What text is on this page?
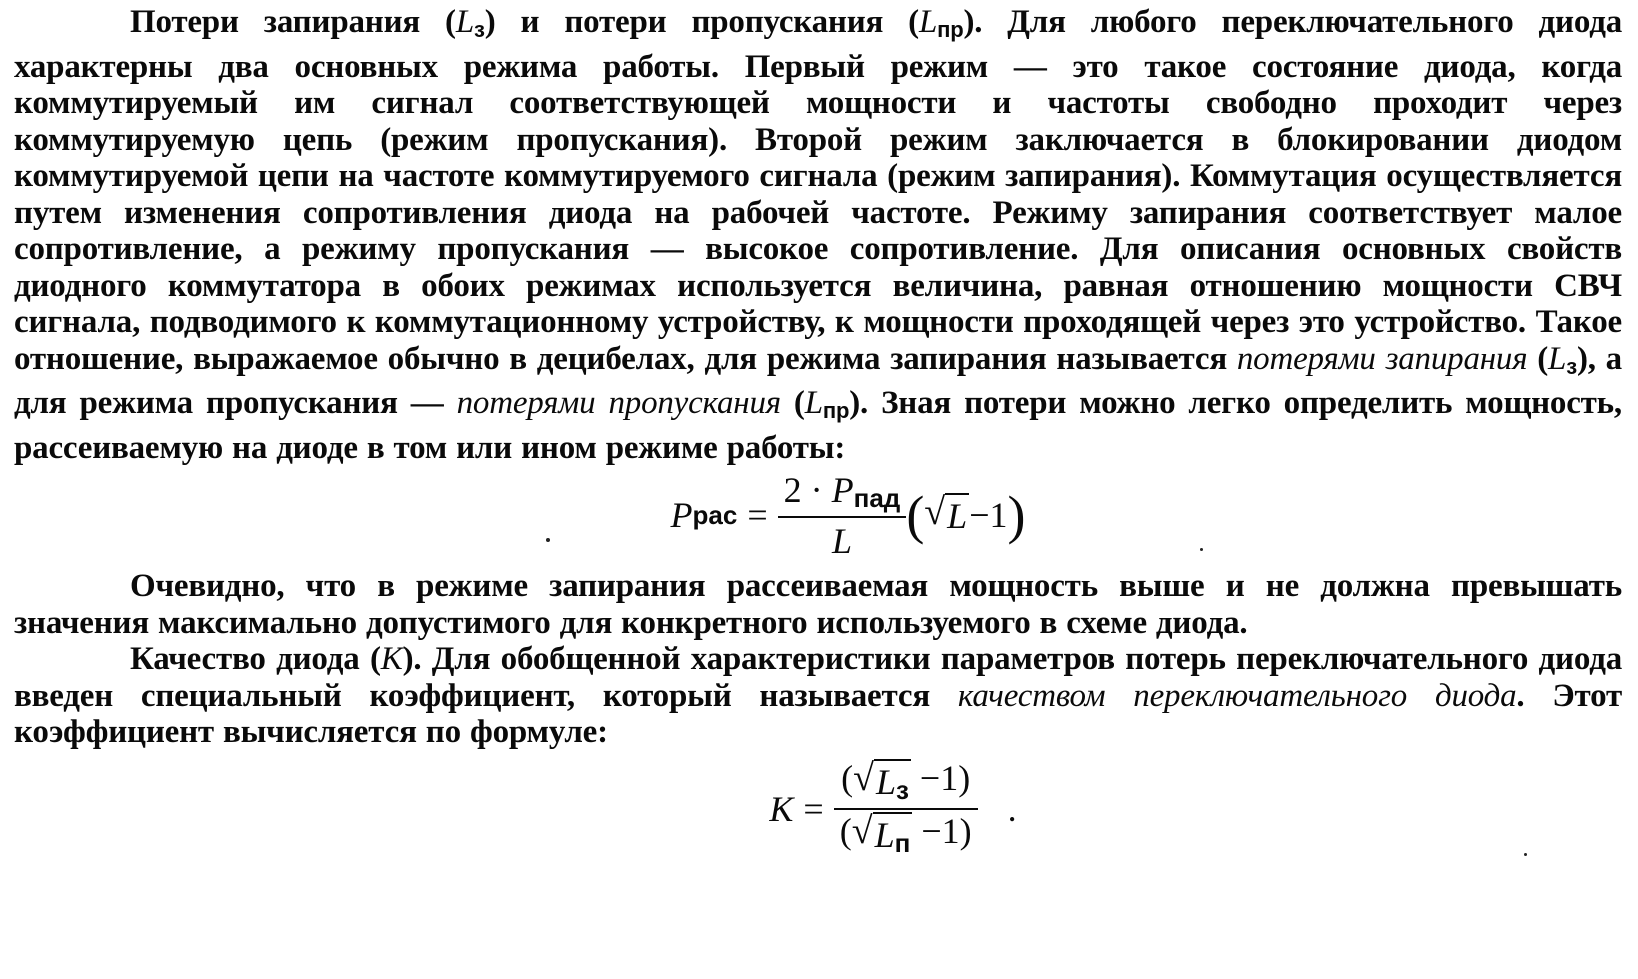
Потери запирания $(L_з)$ и потери пропускания $(L_{пр})$. Для любого переключательного диода характерны два основных режима работы. Первый режим — это такое состояние диода, когда коммутируемый им сигнал соответствующей мощности и частоты свободно проходит через коммутируемую цепь (режим пропускания). Второй режим заключается в блокировании диодом коммутируемой цепи на частоте коммутируемого сигнала (режим запирания). Коммутация осуществляется путем изменения сопротивления диода на рабочей частоте. Режиму запирания соответствует малое сопротивление, а режиму пропускания — высокое сопротивление. Для описания основных свойств диодного коммутатора в обоих режимах используется величина, равная отношению мощности СВЧ сигнала, подводимого к коммутационному устройству, к мощности проходящей через это устройство. Такое отношение, выражаемое обычно в децибелах, для режима запирания называется потерями запирания $(L_з)$, а для режима пропускания — потерями пропускания $(L_{пр})$. Зная потери можно легко определить мощность, рассеиваемую на диоде в том или ином режиме работы:

P рас = $\frac{\text{2 · Pпад}}{L}$ ( √ L −1 )

Очевидно, что в режиме запирания рассеиваемая мощность выше и не должна превышать значения максимально допустимого для конкретного используемого в схеме диода.

Качество диода (K). Для обобщенной характеристики параметров потерь переключательного диода введен специальный коэффициент, который называется качеством переключательного диода. Этот коэффициент вычисляется по формуле:

$K = \frac{( √ Lз -1)}{( √ Lп -1)}$ .
